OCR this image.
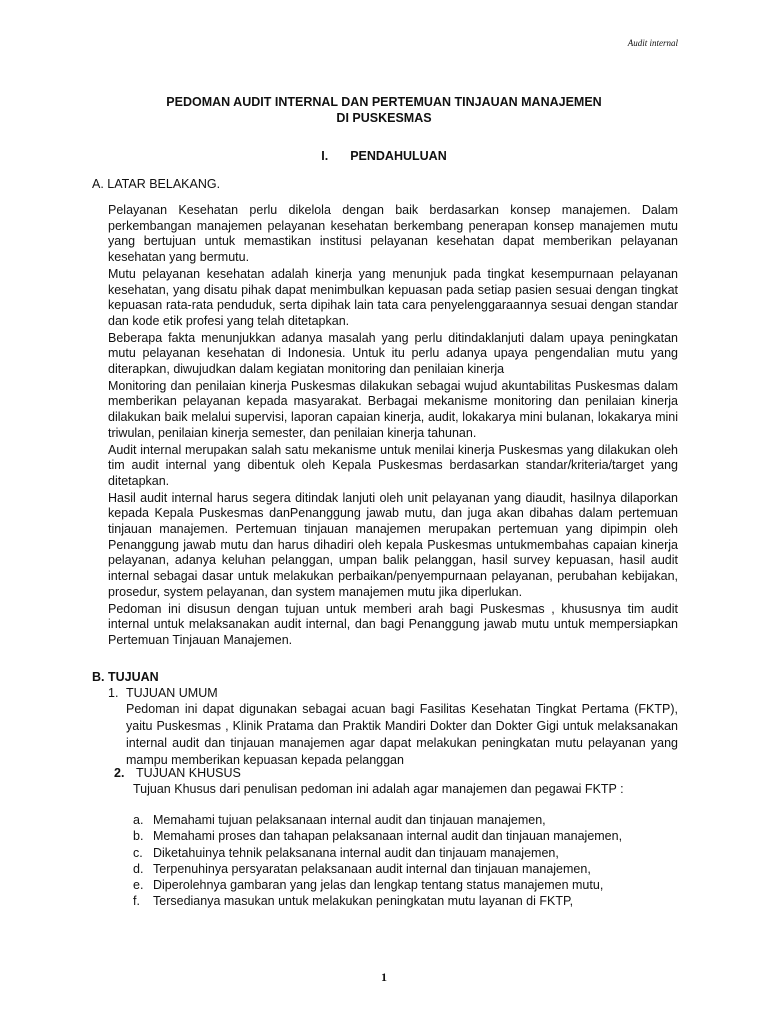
Audit internal
PEDOMAN AUDIT INTERNAL DAN PERTEMUAN TINJAUAN MANAJEMEN
DI PUSKESMAS
I. PENDAHULUAN
A. LATAR BELAKANG.

Pelayanan Kesehatan perlu dikelola dengan baik berdasarkan konsep manajemen. Dalam perkembangan manajemen pelayanan kesehatan berkembang penerapan konsep manajemen mutu yang bertujuan untuk memastikan institusi pelayanan kesehatan dapat memberikan pelayanan kesehatan yang bermutu.

Mutu pelayanan kesehatan adalah kinerja yang menunjuk pada tingkat kesempurnaan pelayanan kesehatan, yang disatu pihak dapat menimbulkan kepuasan pada setiap pasien sesuai dengan tingkat kepuasan rata-rata penduduk, serta dipihak lain tata cara penyelenggaraannya sesuai dengan standar dan kode etik profesi yang telah ditetapkan.

Beberapa fakta menunjukkan adanya masalah yang perlu ditindaklanjuti dalam upaya peningkatan mutu pelayanan kesehatan di Indonesia. Untuk itu perlu adanya upaya pengendalian mutu yang diterapkan, diwujudkan dalam kegiatan monitoring dan penilaian kinerja

Monitoring dan penilaian kinerja Puskesmas dilakukan sebagai wujud akuntabilitas Puskesmas dalam memberikan pelayanan kepada masyarakat. Berbagai mekanisme monitoring dan penilaian kinerja dilakukan baik melalui supervisi, laporan capaian kinerja, audit, lokakarya mini bulanan, lokakarya mini triwulan, penilaian kinerja semester, dan penilaian kinerja tahunan.

Audit internal merupakan salah satu mekanisme untuk menilai kinerja Puskesmas yang dilakukan oleh tim audit internal yang dibentuk oleh Kepala Puskesmas berdasarkan standar/kriteria/target yang ditetapkan.

Hasil audit internal harus segera ditindak lanjuti oleh unit pelayanan yang diaudit, hasilnya dilaporkan kepada Kepala Puskesmas danPenanggung jawab mutu, dan juga akan dibahas dalam pertemuan tinjauan manajemen. Pertemuan tinjauan manajemen merupakan pertemuan yang dipimpin oleh Penanggung jawab mutu dan harus dihadiri oleh kepala Puskesmas untukmembahas capaian kinerja pelayanan, adanya keluhan pelanggan, umpan balik pelanggan, hasil survey kepuasan, hasil audit internal sebagai dasar untuk melakukan perbaikan/penyempurnaan pelayanan, perubahan kebijakan, prosedur, system pelayanan, dan system manajemen mutu jika diperlukan.

Pedoman ini disusun dengan tujuan untuk memberi arah bagi Puskesmas , khususnya tim audit internal untuk melaksanakan audit internal, dan bagi Penanggung jawab mutu untuk mempersiapkan Pertemuan Tinjauan Manajemen.

B. TUJUAN
1. TUJUAN UMUM
Pedoman ini dapat digunakan sebagai acuan bagi Fasilitas Kesehatan Tingkat Pertama (FKTP), yaitu Puskesmas , Klinik Pratama dan Praktik Mandiri Dokter dan Dokter Gigi untuk melaksanakan internal audit dan tinjauan manajemen agar dapat melakukan peningkatan mutu pelayanan yang mampu memberikan kepuasan kepada pelanggan
2. TUJUAN KHUSUS
Tujuan Khusus dari penulisan pedoman ini adalah agar manajemen dan pegawai FKTP :
a. Memahami tujuan pelaksanaan internal audit dan tinjauan manajemen,
b. Memahami proses dan tahapan pelaksanaan internal audit dan tinjauan manajemen,
c. Diketahuinya tehnik pelaksanana internal audit dan tinjauam manajemen,
d. Terpenuhinya persyaratan pelaksanaan audit internal dan tinjauan manajemen,
e. Diperolehnya gambaran yang jelas dan lengkap tentang status manajemen mutu,
f. Tersedianya masukan untuk melakukan peningkatan mutu layanan di FKTP,
1
